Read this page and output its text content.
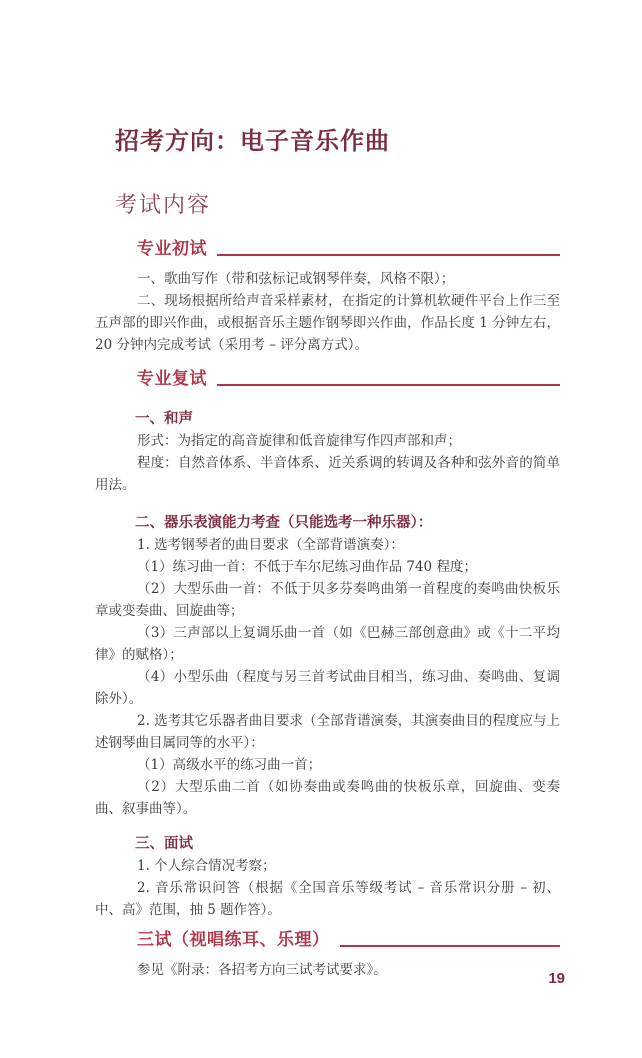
招考方向：电子音乐作曲
考试内容
专业初试

一、歌曲写作（带和弦标记或钢琴伴奏，风格不限）；

二、现场根据所给声音采样素材，在指定的计算机软硬件平台上作三至五声部的即兴作曲，或根据音乐主题作钢琴即兴作曲，作品长度 1 分钟左右，20 分钟内完成考试（采用考 – 评分离方式）。

专业复试

一、和声

形式：为指定的高音旋律和低音旋律写作四声部和声；

程度：自然音体系、半音体系、近关系调的转调及各种和弦外音的简单用法。

二、器乐表演能力考查（只能选考一种乐器）：

1. 选考钢琴者的曲目要求（全部背谱演奏）：

（1）练习曲一首：不低于车尔尼练习曲作品 740 程度；

（2）大型乐曲一首：不低于贝多芬奏鸣曲第一首程度的奏鸣曲快板乐章或变奏曲、回旋曲等；

（3）三声部以上复调乐曲一首（如《巴赫三部创意曲》或《十二平均律》的赋格）；

（4）小型乐曲（程度与另三首考试曲目相当，练习曲、奏鸣曲、复调除外）。

2. 选考其它乐器者曲目要求（全部背谱演奏，其演奏曲目的程度应与上述钢琴曲目属同等的水平）：

（1）高级水平的练习曲一首；

（2）大型乐曲二首（如协奏曲或奏鸣曲的快板乐章，回旋曲、变奏曲、叙事曲等）。

三、面试

1. 个人综合情况考察；

2. 音乐常识问答（根据《全国音乐等级考试 – 音乐常识分册 – 初、中、高》范围，抽 5 题作答）。

三试（视唱练耳、乐理）

参见《附录：各招考方向三试考试要求》。	19
